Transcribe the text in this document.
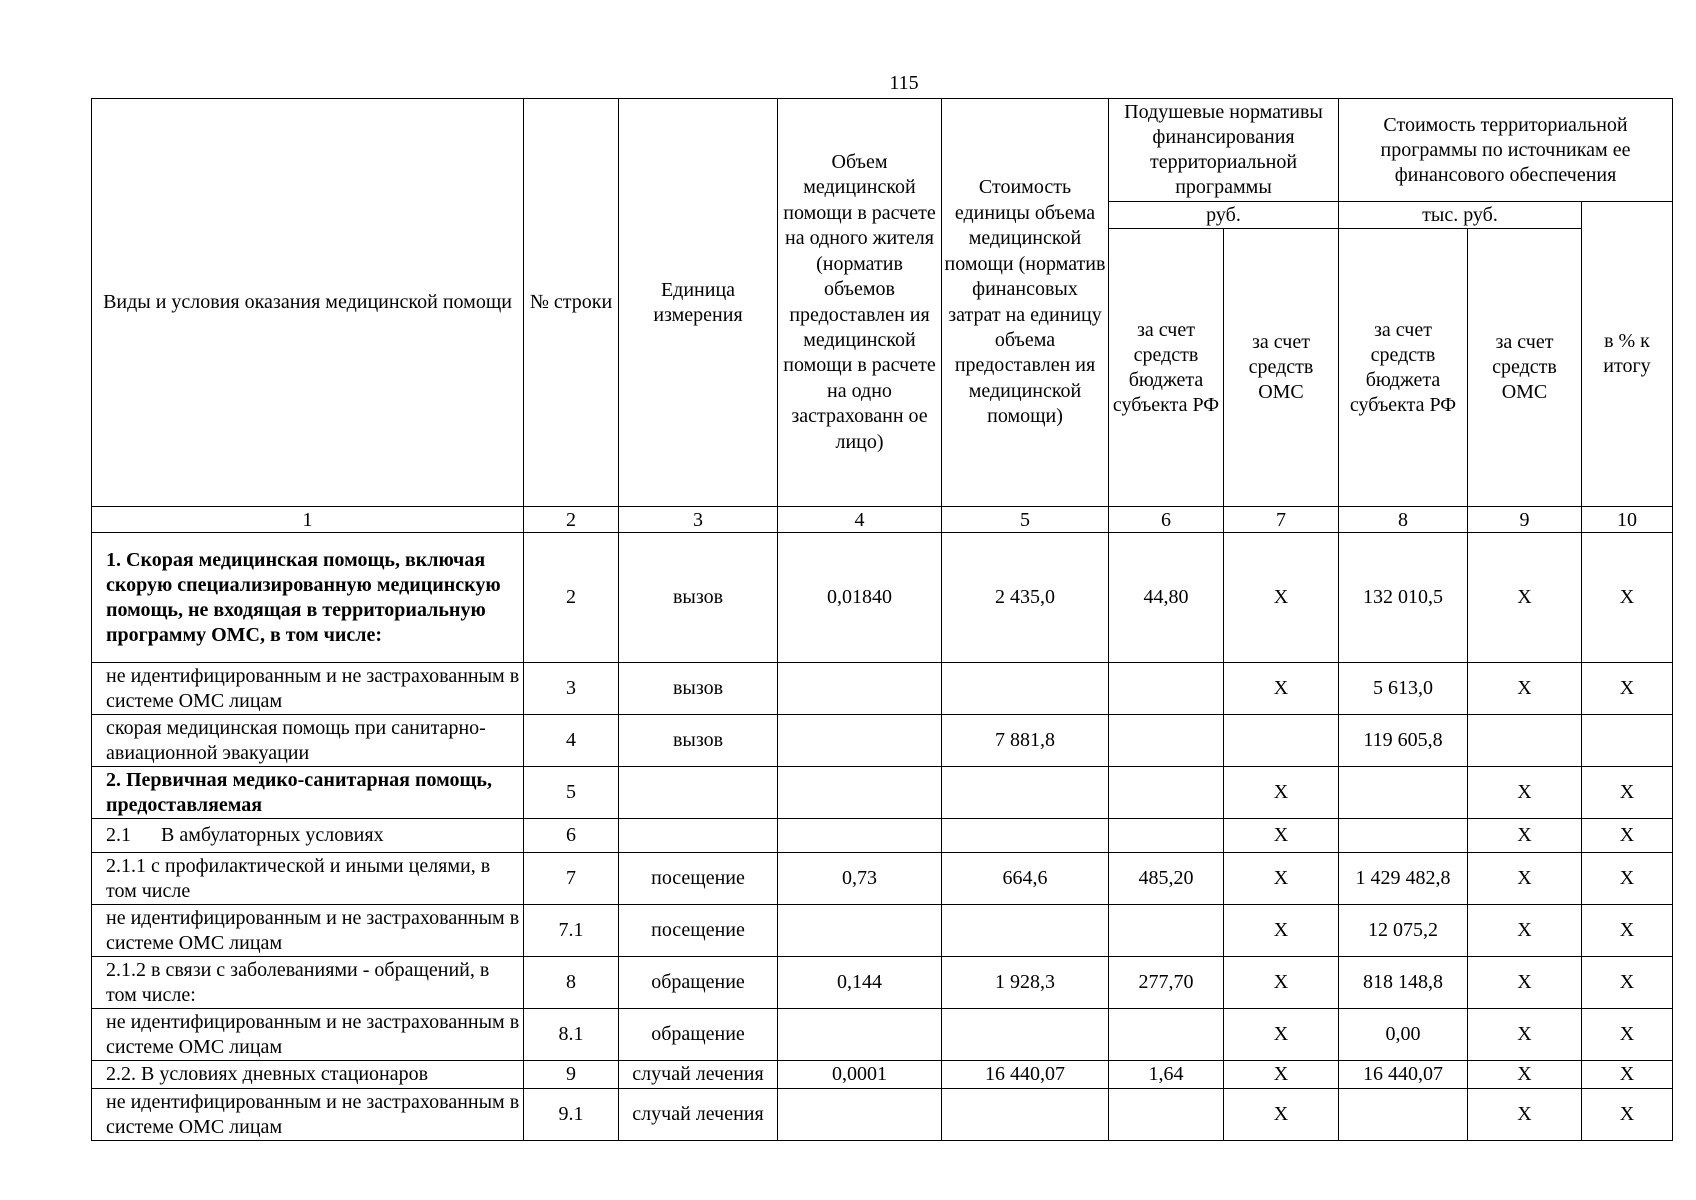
115
Виды и условия оказания медицинской помощи	№ строки	Единица измерения	Объем медицинской помощи в расчете на одного жителя (норматив объемов предоставлен ия медицинской помощи в расчете на одно застрахованн ое лицо)	Стоимость единицы объема медицинской помощи (норматив финансовых затрат на единицу объема предоставлен ия медицинской помощи)	Подушевые нормативы финансирования территориальной программы		Стоимость территориальной программы по источникам ее финансового обеспечения		
					руб.		тыс. руб.		в % к итогу
					за счет средств бюджета субъекта РФ	за счет средств ОМС	за счет средств бюджета субъекта РФ	за счет средств ОМС	
1	2	3	4	5	6	7	8	9	10
1. Скорая медицинская помощь, включая скорую специализированную медицинскую помощь, не входящая в территориальную программу ОМС, в том числе:	2	вызов	0,01840	2 435,0	44,80	X	132 010,5	X	X
не идентифицированным и не застрахованным в системе ОМС лицам	3	вызов				X	5 613,0	X	X
скорая медицинская помощь при санитарно-авиационной эвакуации	4	вызов		7 881,8			119 605,8		
2. Первичная медико-санитарная помощь, предоставляемая	5					X		X	X
2.1      В амбулаторных условиях	6					X		X	X
2.1.1 с профилактической и иными целями, в том числе	7	посещение	0,73	664,6	485,20	X	1 429 482,8	X	X
не идентифицированным и не застрахованным в системе ОМС лицам	7.1	посещение				X	12 075,2	X	X
2.1.2 в связи с заболеваниями - обращений, в том числе:	8	обращение	0,144	1 928,3	277,70	X	818 148,8	X	X
не идентифицированным и не застрахованным в системе ОМС лицам	8.1	обращение				X	0,00	X	X
2.2. В условиях дневных стационаров	9	случай лечения	0,0001	16 440,07	1,64	X	16 440,07	X	X
не идентифицированным и не застрахованным в системе ОМС лицам	9.1	случай лечения				X		X	X
